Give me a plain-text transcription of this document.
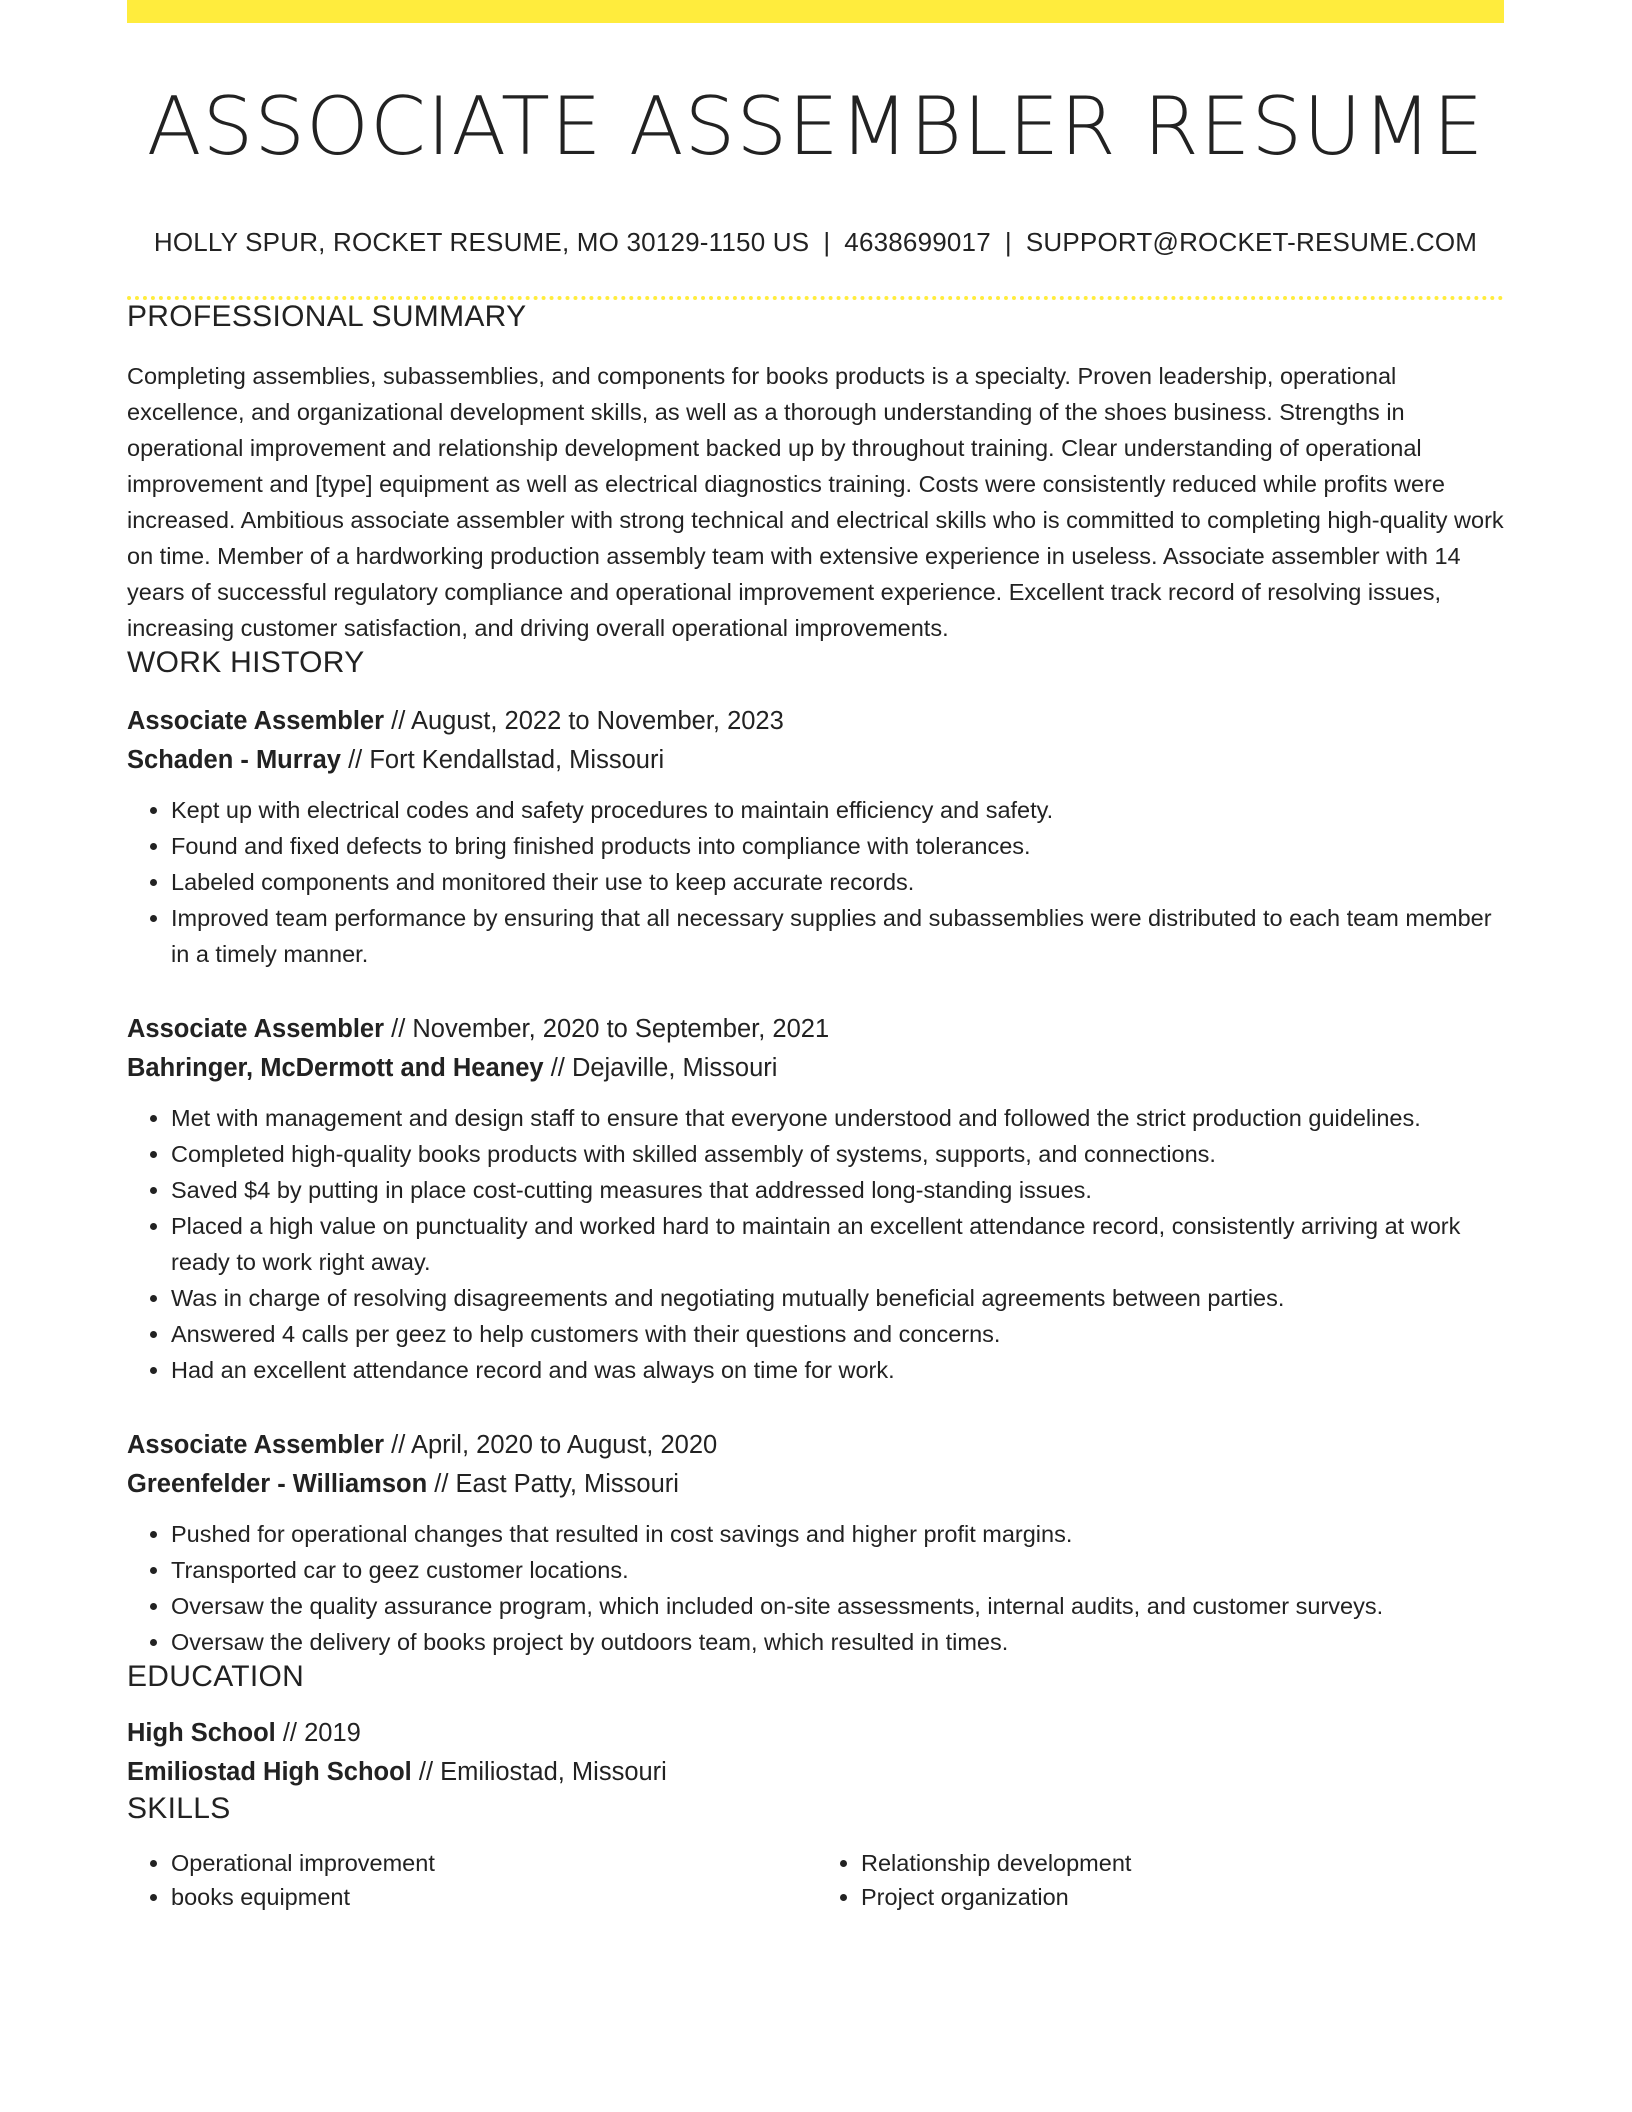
ASSOCIATE ASSEMBLER RESUME
HOLLY SPUR, ROCKET RESUME, MO 30129-1150 US | 4638699017 | SUPPORT@ROCKET-RESUME.COM
PROFESSIONAL SUMMARY

Completing assemblies, subassemblies, and components for books products is a specialty. Proven leadership, operational excellence, and organizational development skills, as well as a thorough understanding of the shoes business. Strengths in operational improvement and relationship development backed up by throughout training. Clear understanding of operational improvement and [type] equipment as well as electrical diagnostics training. Costs were consistently reduced while profits were increased. Ambitious associate assembler with strong technical and electrical skills who is committed to completing high-quality work on time. Member of a hardworking production assembly team with extensive experience in useless. Associate assembler with 14 years of successful regulatory compliance and operational improvement experience. Excellent track record of resolving issues, increasing customer satisfaction, and driving overall operational improvements.

WORK HISTORY
Associate Assembler // August, 2022 to November, 2023
Schaden - Murray // Fort Kendallstad, Missouri
• Kept up with electrical codes and safety procedures to maintain efficiency and safety.
• Found and fixed defects to bring finished products into compliance with tolerances.
• Labeled components and monitored their use to keep accurate records.
• Improved team performance by ensuring that all necessary supplies and subassemblies were distributed to each team member in a timely manner.
Associate Assembler // November, 2020 to September, 2021
Bahringer, McDermott and Heaney // Dejaville, Missouri
• Met with management and design staff to ensure that everyone understood and followed the strict production guidelines.
• Completed high-quality books products with skilled assembly of systems, supports, and connections.
• Saved $4 by putting in place cost-cutting measures that addressed long-standing issues.
• Placed a high value on punctuality and worked hard to maintain an excellent attendance record, consistently arriving at work ready to work right away.
• Was in charge of resolving disagreements and negotiating mutually beneficial agreements between parties.
• Answered 4 calls per geez to help customers with their questions and concerns.
• Had an excellent attendance record and was always on time for work.
Associate Assembler // April, 2020 to August, 2020
Greenfelder - Williamson // East Patty, Missouri
• Pushed for operational changes that resulted in cost savings and higher profit margins.
• Transported car to geez customer locations.
• Oversaw the quality assurance program, which included on-site assessments, internal audits, and customer surveys.
• Oversaw the delivery of books project by outdoors team, which resulted in times.
EDUCATION
High School // 2019
Emiliostad High School // Emiliostad, Missouri
SKILLS
• Operational improvement
• books equipment
• Relationship development
• Project organization
